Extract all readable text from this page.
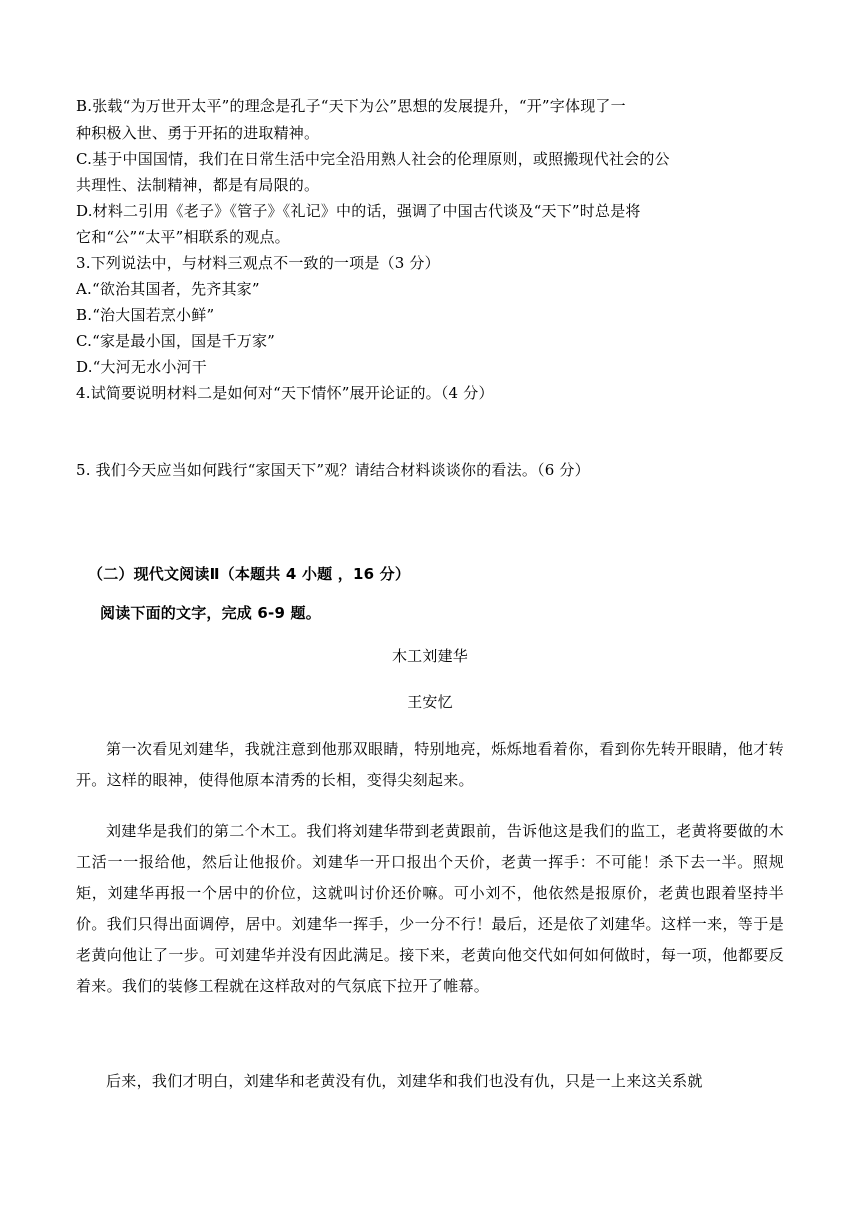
B.张载“为万世开太平”的理念是孔子“天下为公”思想的发展提升，“开”字体现了一
种积极入世、勇于开拓的进取精神。
C.基于中国国情，我们在日常生活中完全沿用熟人社会的伦理原则，或照搬现代社会的公
共理性、法制精神，都是有局限的。
D.材料二引用《老子》《管子》《礼记》中的话，强调了中国古代谈及“天下”时总是将
它和“公”“太平”相联系的观点。
3.下列说法中，与材料三观点不一致的一项是（3 分）
A.“欲治其国者，先齐其家”
B.“治大国若烹小鲜”
C.“家是最小国，国是千万家”
D.“大河无水小河干
4.试简要说明材料二是如何对“天下情怀”展开论证的。（4 分）
5. 我们今天应当如何践行“家国天下”观？请结合材料谈谈你的看法。（6 分）
（二）现代文阅读Ⅱ（本题共 4 小题 ，16 分）
阅读下面的文字，完成 6-9 题。
木工刘建华
王安忆
第一次看见刘建华，我就注意到他那双眼睛，特别地亮，烁烁地看着你，看到你先转开眼睛，他才转开。这样的眼神，使得他原本清秀的长相，变得尖刻起来。
刘建华是我们的第二个木工。我们将刘建华带到老黄跟前，告诉他这是我们的监工，老黄将要做的木工活一一报给他，然后让他报价。刘建华一开口报出个天价，老黄一挥手：不可能！杀下去一半。照规矩，刘建华再报一个居中的价位，这就叫讨价还价嘛。可小刘不，他依然是报原价，老黄也跟着坚持半价。我们只得出面调停，居中。刘建华一挥手，少一分不行！最后，还是依了刘建华。这样一来，等于是老黄向他让了一步。可刘建华并没有因此满足。接下来，老黄向他交代如何如何做时，每一项，他都要反着来。我们的装修工程就在这样敌对的气氛底下拉开了帷幕。
后来，我们才明白，刘建华和老黄没有仇，刘建华和我们也没有仇，只是一上来这关系就
